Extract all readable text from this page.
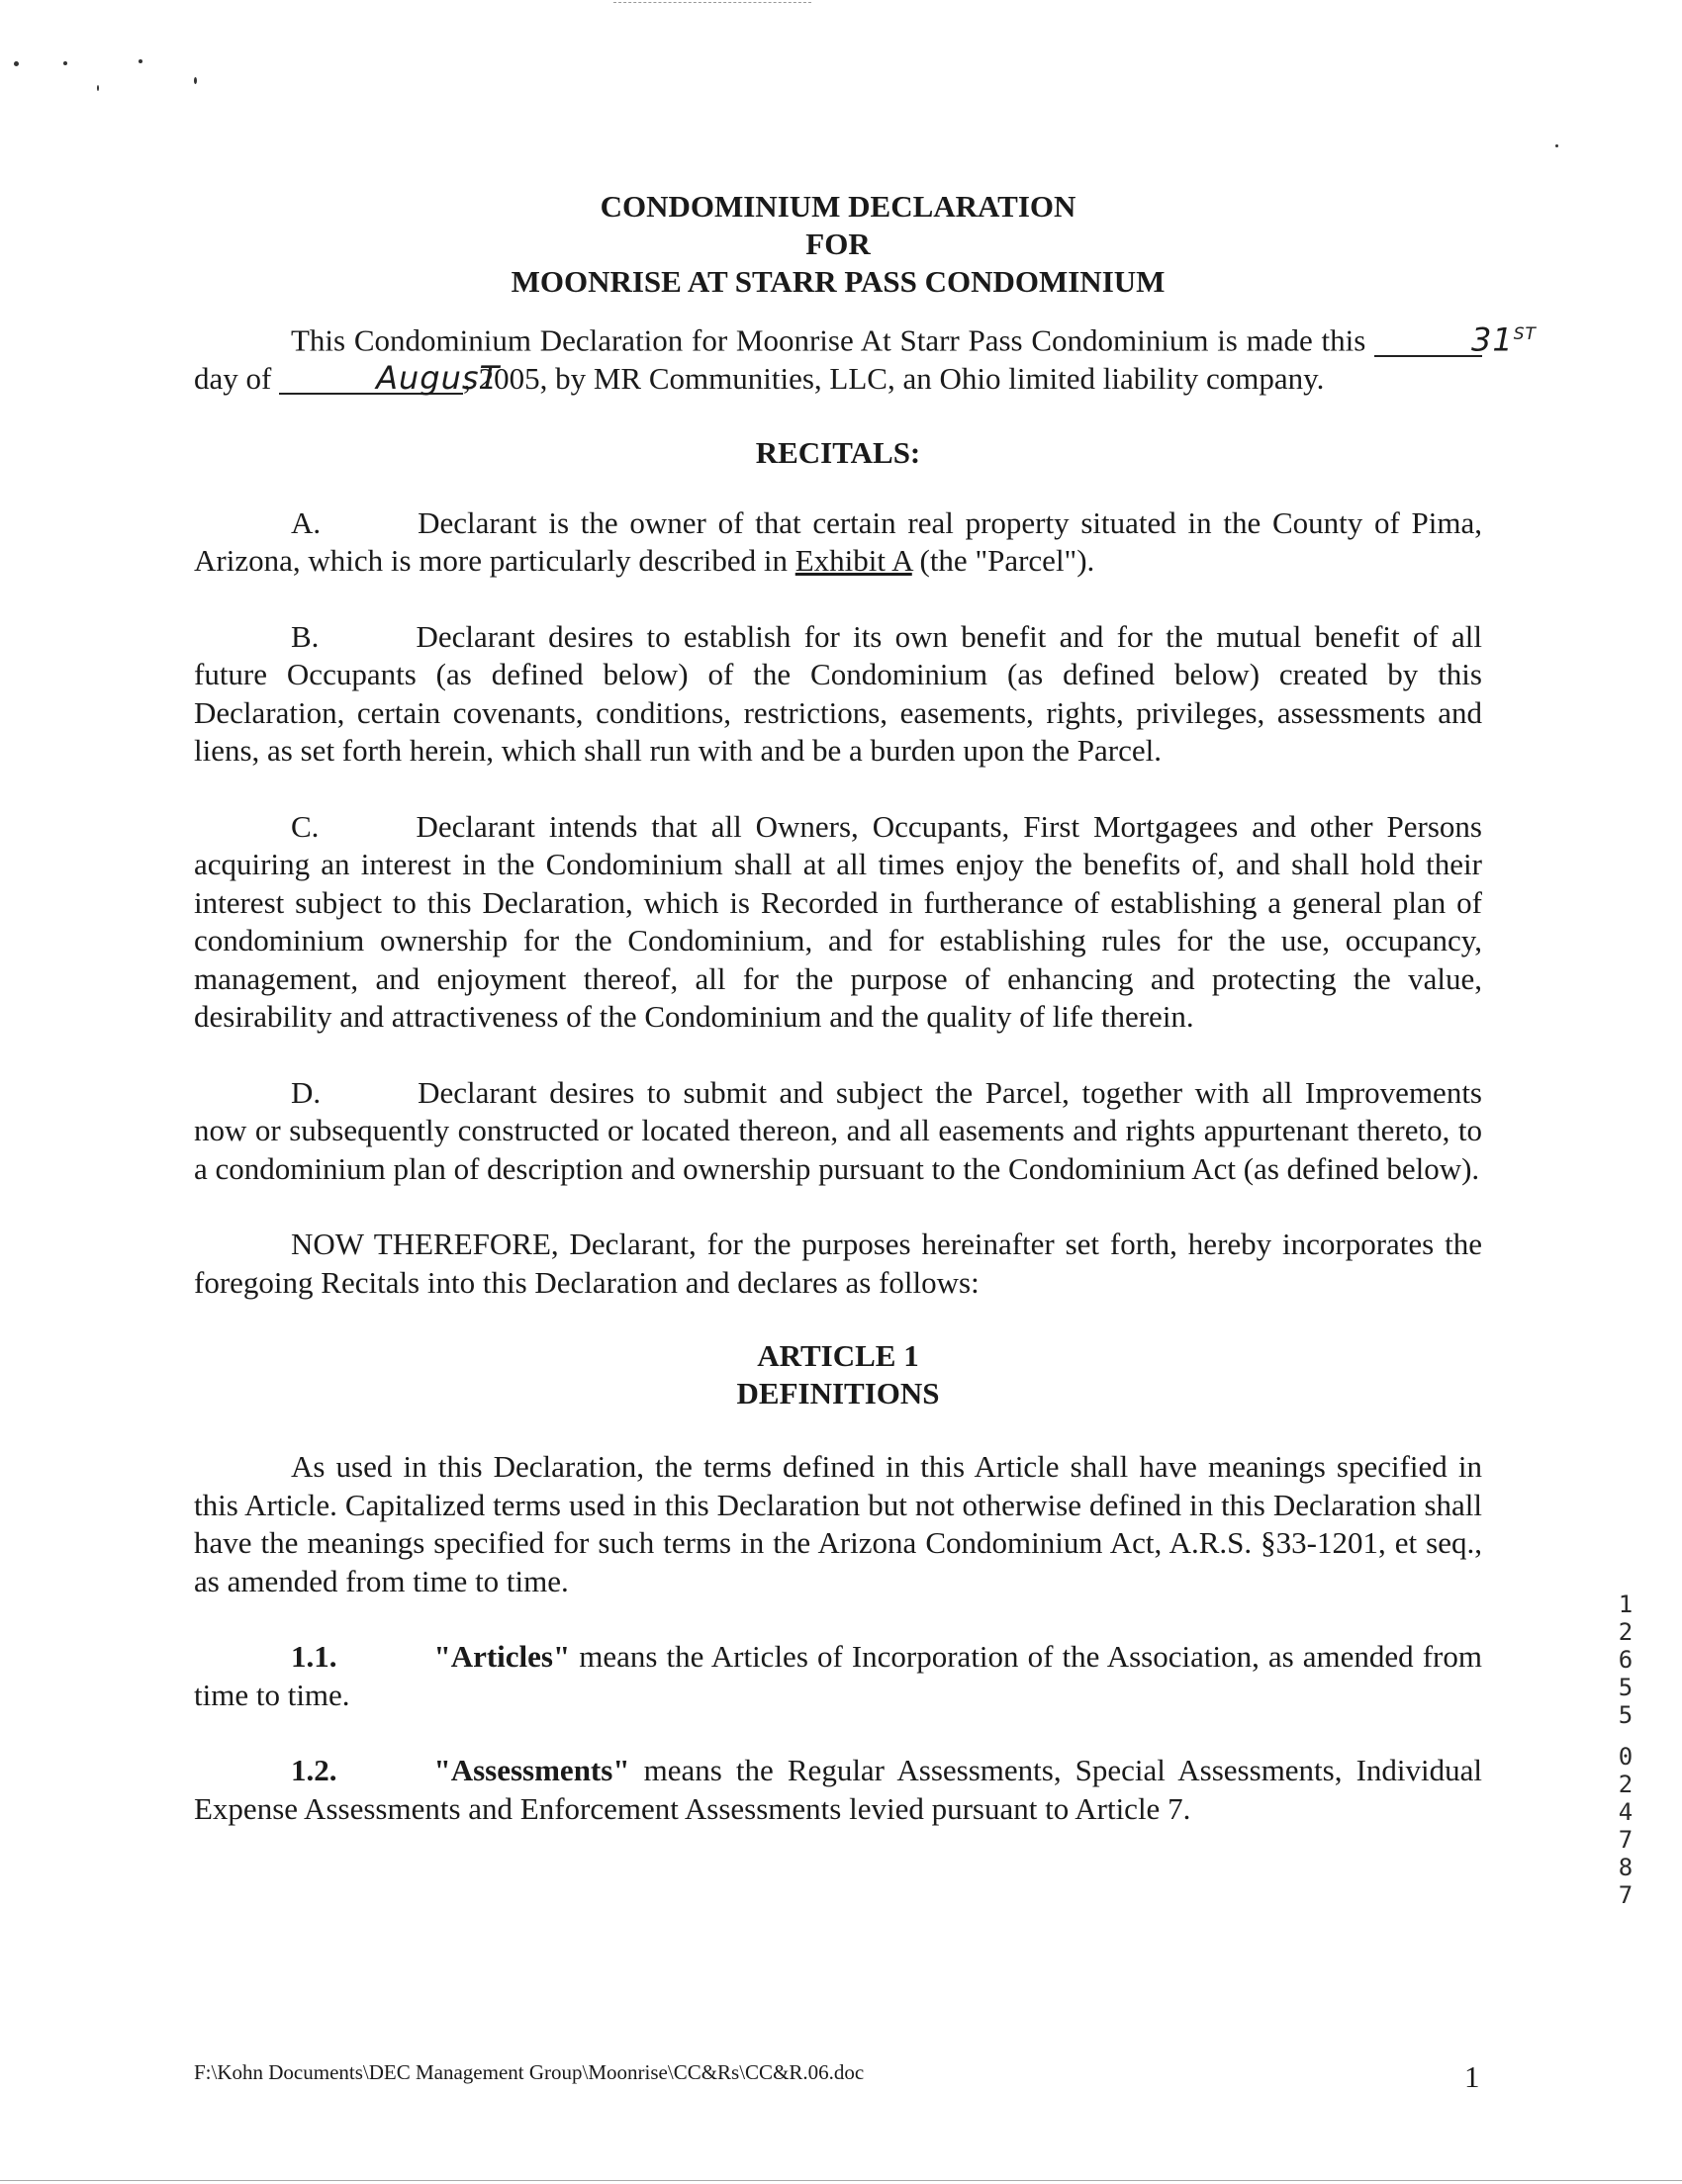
CONDOMINIUM DECLARATION
FOR
MOONRISE AT STARR PASS CONDOMINIUM

This Condominium Declaration for Moonrise At Starr Pass Condominium is made this	31ST day of	AugusT, 2005, by MR Communities, LLC, an Ohio limited liability company.

RECITALS:

A.	Declarant is the owner of that certain real property situated in the County of Pima, Arizona, which is more particularly described in Exhibit A (the "Parcel").

B.	Declarant desires to establish for its own benefit and for the mutual benefit of all future Occupants (as defined below) of the Condominium (as defined below) created by this Declaration, certain covenants, conditions, restrictions, easements, rights, privileges, assessments and liens, as set forth herein, which shall run with and be a burden upon the Parcel.

C.	Declarant intends that all Owners, Occupants, First Mortgagees and other Persons acquiring an interest in the Condominium shall at all times enjoy the benefits of, and shall hold their interest subject to this Declaration, which is Recorded in furtherance of establishing a general plan of condominium ownership for the Condominium, and for establishing rules for the use, occupancy, management, and enjoyment thereof, all for the purpose of enhancing and protecting the value, desirability and attractiveness of the Condominium and the quality of life therein.

D.	Declarant desires to submit and subject the Parcel, together with all Improvements now or subsequently constructed or located thereon, and all easements and rights appurtenant thereto, to a condominium plan of description and ownership pursuant to the Condominium Act (as defined below).

NOW THEREFORE, Declarant, for the purposes hereinafter set forth, hereby incorporates the foregoing Recitals into this Declaration and declares as follows:

ARTICLE 1
DEFINITIONS

As used in this Declaration, the terms defined in this Article shall have meanings specified in this Article. Capitalized terms used in this Declaration but not otherwise defined in this Declaration shall have the meanings specified for such terms in the Arizona Condominium Act, A.R.S. §33-1201, et seq., as amended from time to time.

1.1.	"Articles" means the Articles of Incorporation of the Association, as amended from time to time.

1.2.	"Assessments" means the Regular Assessments, Special Assessments, Individual Expense Assessments and Enforcement Assessments levied pursuant to Article 7.

1
2
6
5
5
0
2
4
7
8
7
F:\Kohn Documents\DEC Management Group\Moonrise\CC&Rs\CC&R.06.doc	1
